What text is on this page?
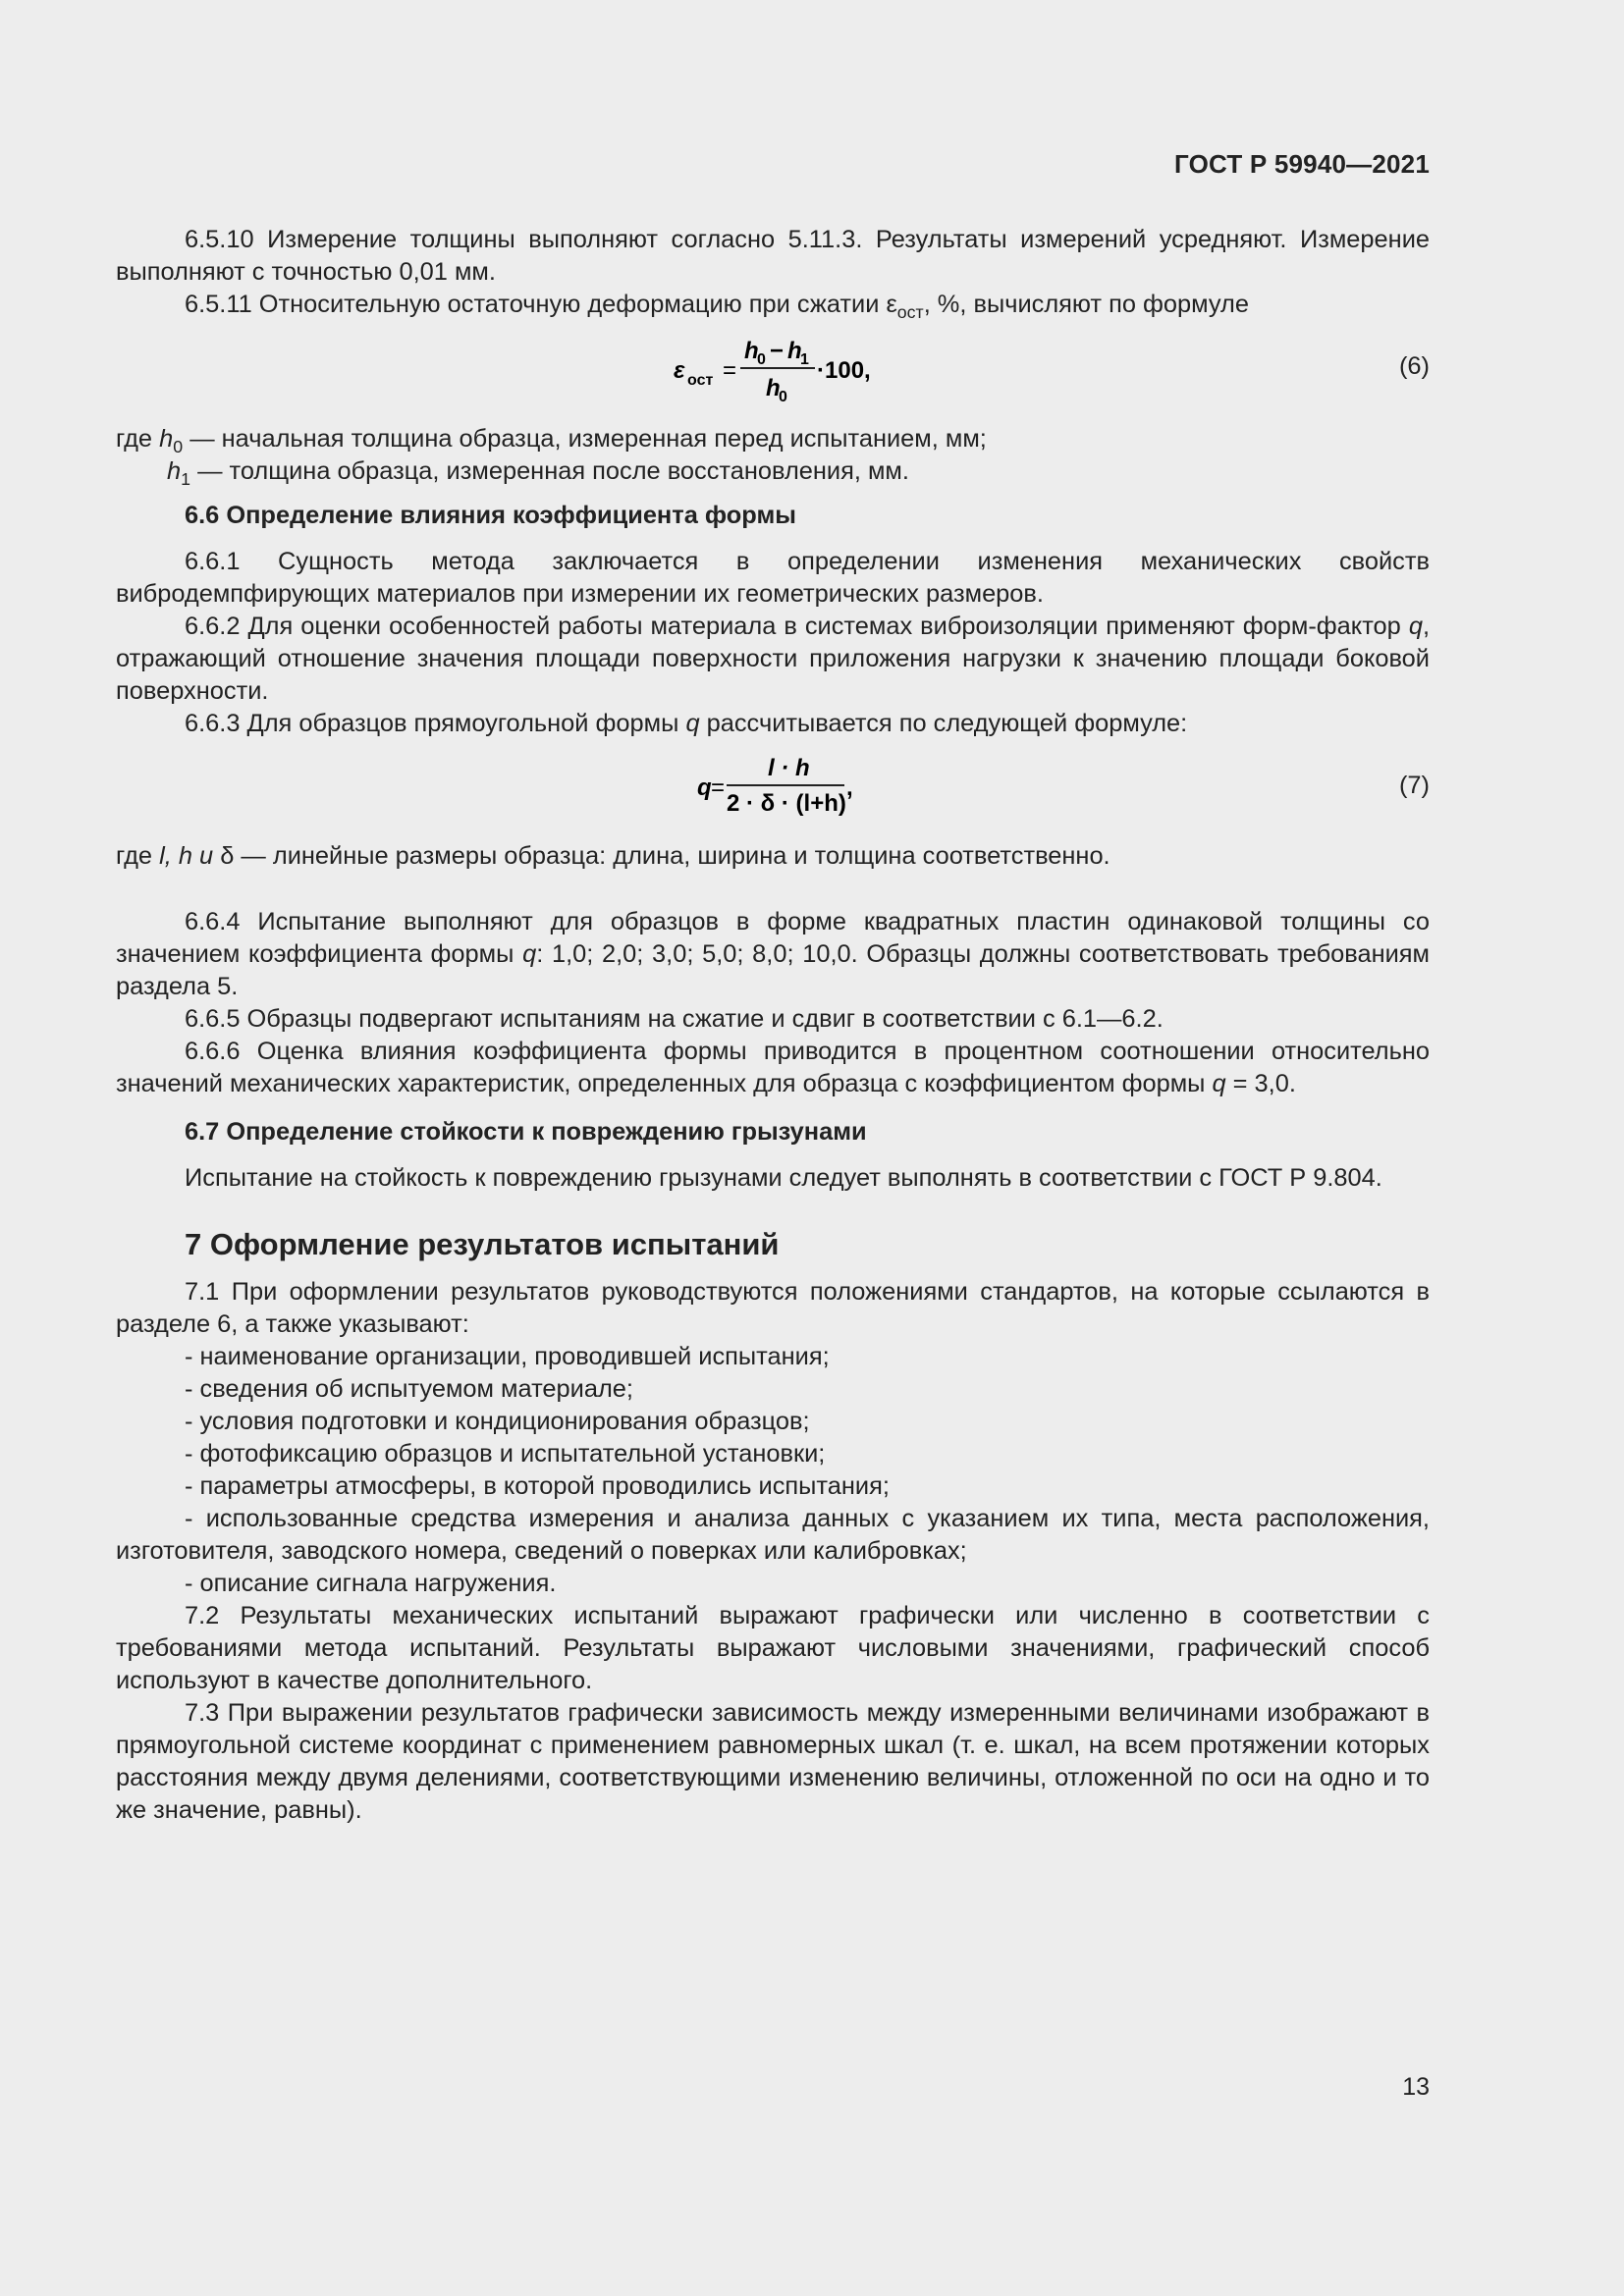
ГОСТ Р 59940—2021

6.5.10 Измерение толщины выполняют согласно 5.11.3. Результаты измерений усредняют. Измерение выполняют с точностью 0,01 мм.

6.5.11 Относительную остаточную деформацию при сжатии $\varepsilon_{ост}$, %, вычисляют по формуле

ε ост =
h
0 − h
1
h
0
·100,	(6)

где $h_0$ — начальная толщина образца, измеренная перед испытанием, мм;

$h_1$ — толщина образца, измеренная после восстановления, мм.

6.6 Определение влияния коэффициента формы

6.6.1 Сущность метода заключается в определении изменения механических свойств вибродемпфирующих материалов при измерении их геометрических размеров.

6.6.2 Для оценки особенностей работы материала в системах виброизоляции применяют форм-фактор q, отражающий отношение значения площади поверхности приложения нагрузки к значению площади боковой поверхности.

6.6.3 Для образцов прямоугольной формы q рассчитывается по следующей формуле:

q =
l · h
2 · δ · (l+h)
,	(7)

где l, h и δ — линейные размеры образца: длина, ширина и толщина соответственно.

6.6.4 Испытание выполняют для образцов в форме квадратных пластин одинаковой толщины со значением коэффициента формы q: 1,0; 2,0; 3,0; 5,0; 8,0; 10,0. Образцы должны соответствовать требованиям раздела 5.

6.6.5 Образцы подвергают испытаниям на сжатие и сдвиг в соответствии с 6.1—6.2.

6.6.6 Оценка влияния коэффициента формы приводится в процентном соотношении относительно значений механических характеристик, определенных для образца с коэффициентом формы q = 3,0.

6.7 Определение стойкости к повреждению грызунами

Испытание на стойкость к повреждению грызунами следует выполнять в соответствии с ГОСТ Р 9.804.

7 Оформление результатов испытаний

7.1 При оформлении результатов руководствуются положениями стандартов, на которые ссылаются в разделе 6, а также указывают:

- наименование организации, проводившей испытания;

- сведения об испытуемом материале;

- условия подготовки и кондиционирования образцов;

- фотофиксацию образцов и испытательной установки;

- параметры атмосферы, в которой проводились испытания;

- использованные средства измерения и анализа данных с указанием их типа, места расположения, изготовителя, заводского номера, сведений о поверках или калибровках;

- описание сигнала нагружения.

7.2 Результаты механических испытаний выражают графически или численно в соответствии с требованиями метода испытаний. Результаты выражают числовыми значениями, графический способ используют в качестве дополнительного.

7.3 При выражении результатов графически зависимость между измеренными величинами изображают в прямоугольной системе координат с применением равномерных шкал (т. е. шкал, на всем протяжении которых расстояния между двумя делениями, соответствующими изменению величины, отложенной по оси на одно и то же значение, равны).

13
